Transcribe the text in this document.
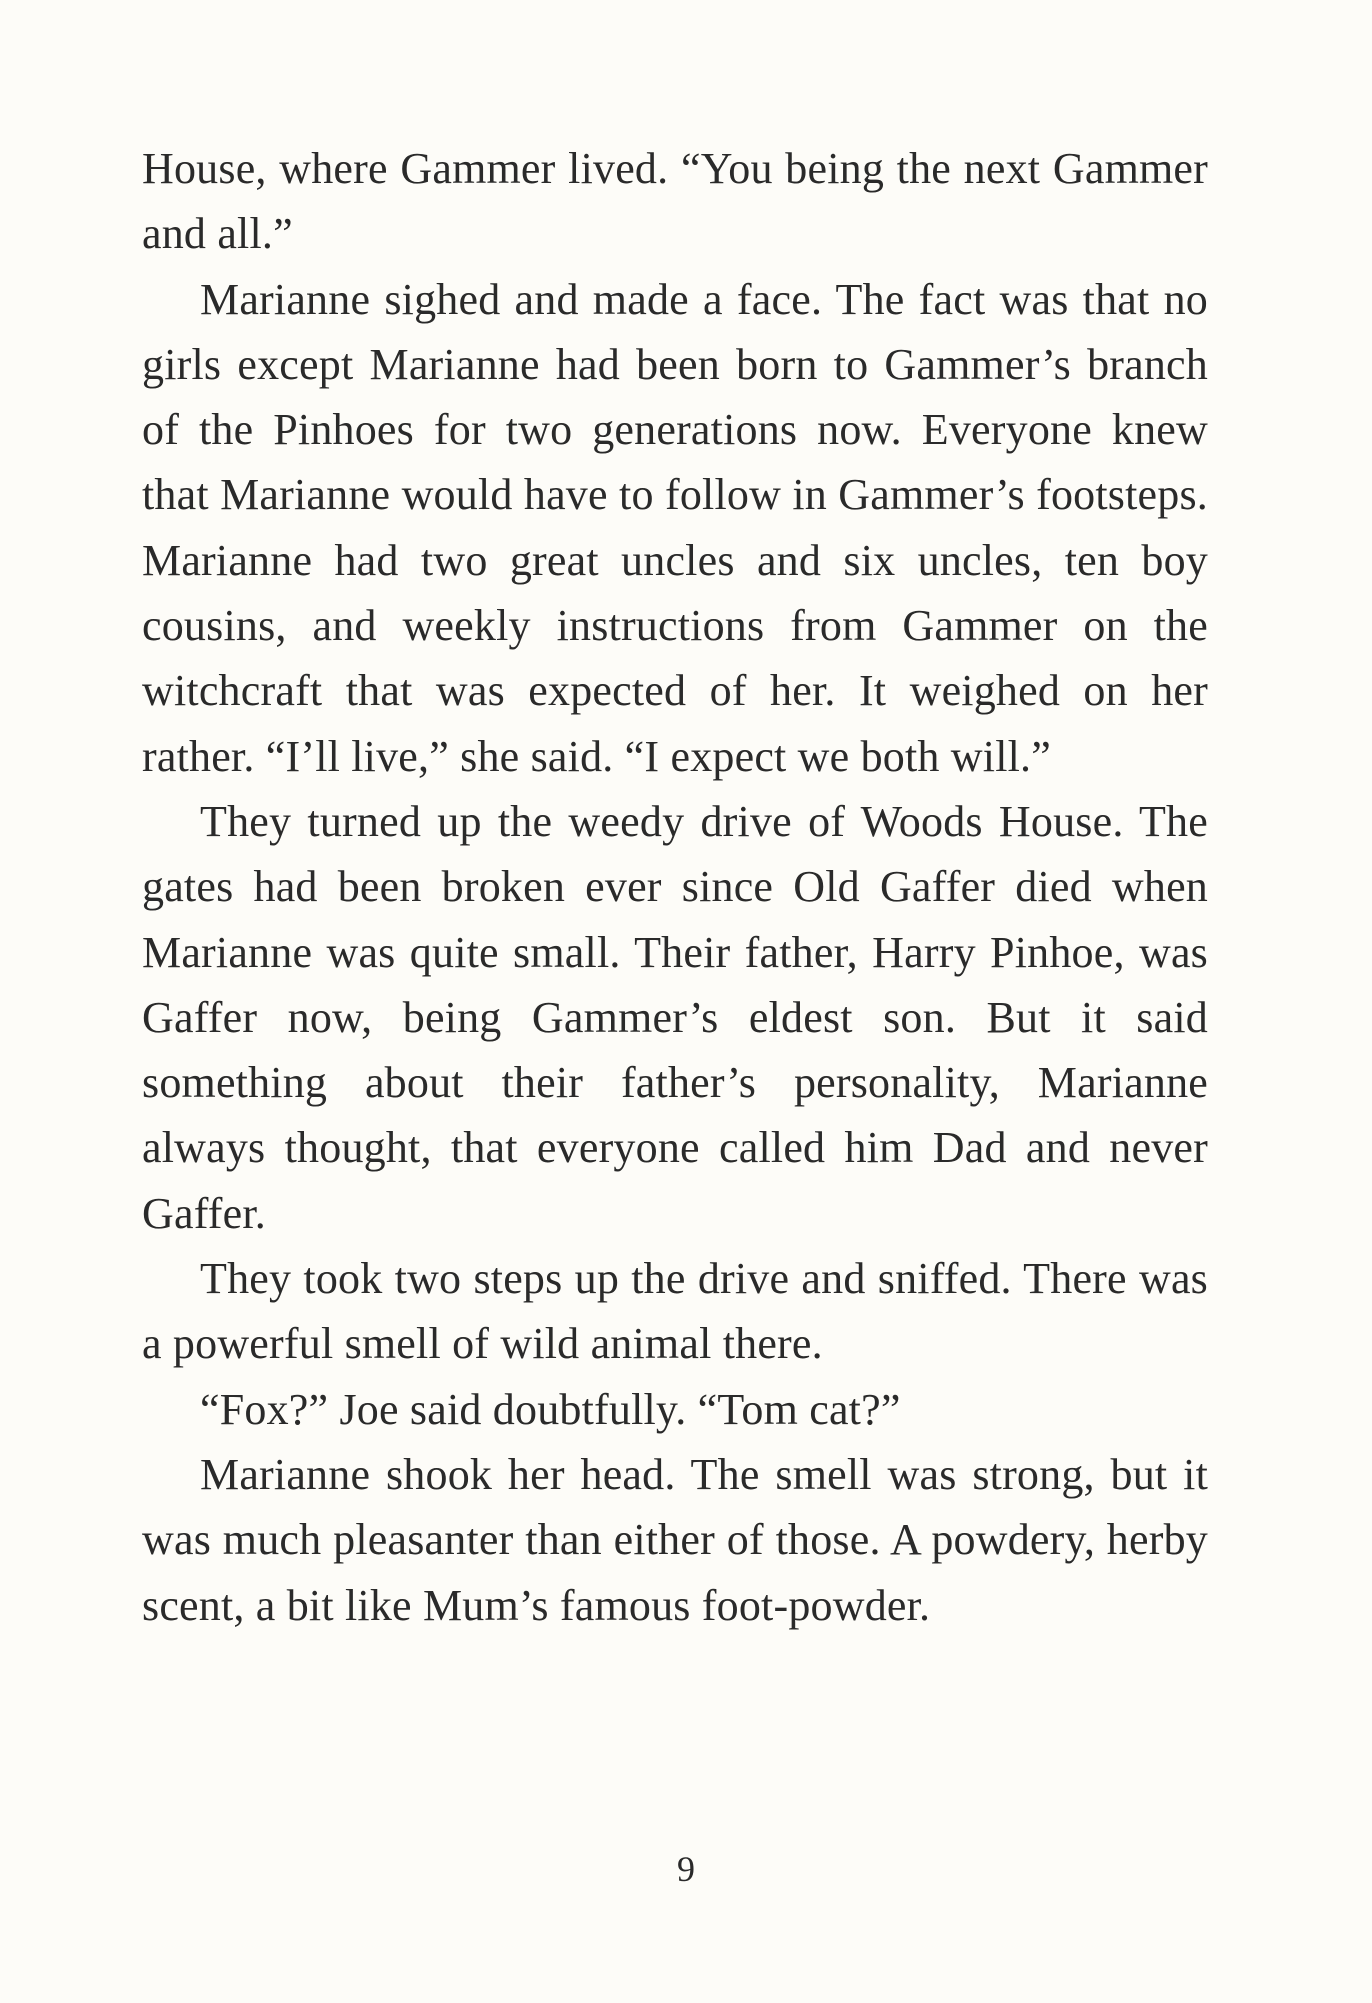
House, where Gammer lived. “You being the next Gammer and all.”

Marianne sighed and made a face. The fact was that no girls except Marianne had been born to Gammer’s branch of the Pinhoes for two generations now. Everyone knew that Marianne would have to follow in Gammer’s footsteps. Marianne had two great uncles and six uncles, ten boy cousins, and weekly instructions from Gammer on the witchcraft that was expected of her. It weighed on her rather. “I’ll live,” she said. “I expect we both will.”

They turned up the weedy drive of Woods House. The gates had been broken ever since Old Gaffer died when Marianne was quite small. Their father, Harry Pinhoe, was Gaffer now, being Gammer’s eldest son. But it said something about their father’s personality, Marianne always thought, that everyone called him Dad and never Gaffer.

They took two steps up the drive and sniffed. There was a powerful smell of wild animal there.

“Fox?” Joe said doubtfully. “Tom cat?”

Marianne shook her head. The smell was strong, but it was much pleasanter than either of those. A powdery, herby scent, a bit like Mum’s famous foot-powder.

9
